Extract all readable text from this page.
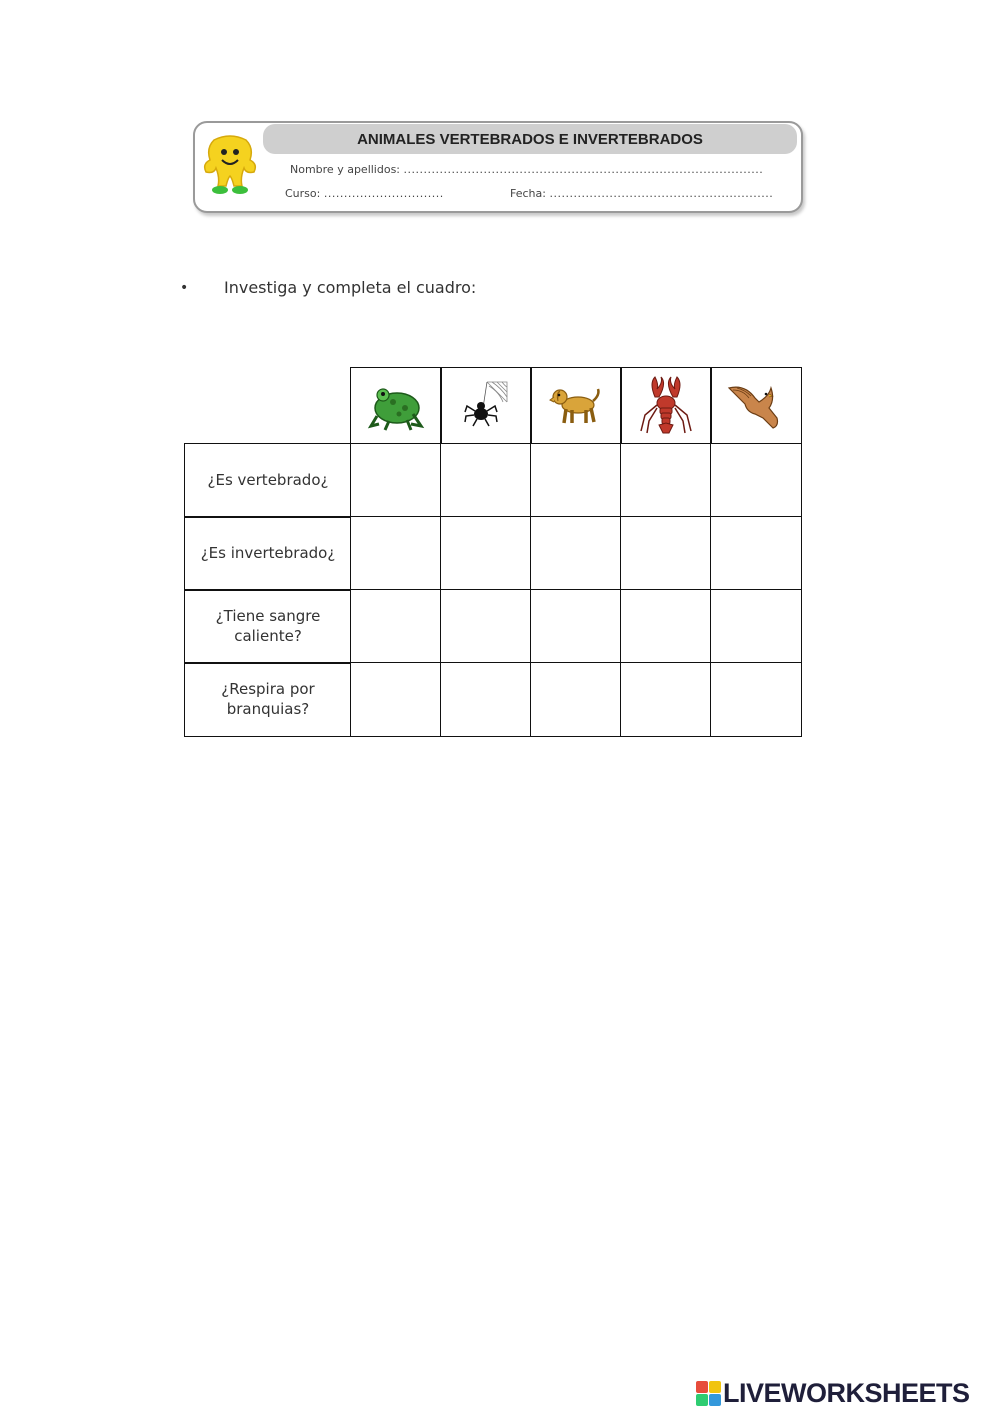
ANIMALES VERTEBRADOS E INVERTEBRADOS
Nombre y apellidos: ..........................................................................................
Curso: ..............................	Fecha: ........................................................
• Investiga y completa el cuadro:
¿Es vertebrado¿
¿Es invertebrado¿
¿Tiene sangre caliente?
¿Respira por branquias?
LIVEWORKSHEETS
